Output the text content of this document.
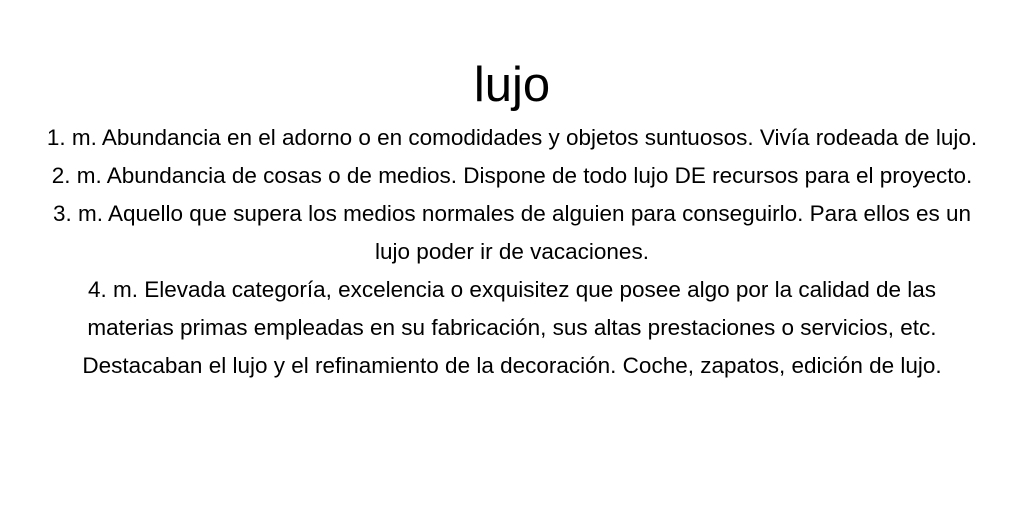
lujo
1. m. Abundancia en el adorno o en comodidades y objetos suntuosos. Vivía rodeada de lujo.
2. m. Abundancia de cosas o de medios. Dispone de todo lujo DE recursos para el proyecto.
3. m. Aquello que supera los medios normales de alguien para conseguirlo. Para ellos es un lujo poder ir de vacaciones.
4. m. Elevada categoría, excelencia o exquisitez que posee algo por la calidad de las materias primas empleadas en su fabricación, sus altas prestaciones o servicios, etc. Destacaban el lujo y el refinamiento de la decoración. Coche, zapatos, edición de lujo.
